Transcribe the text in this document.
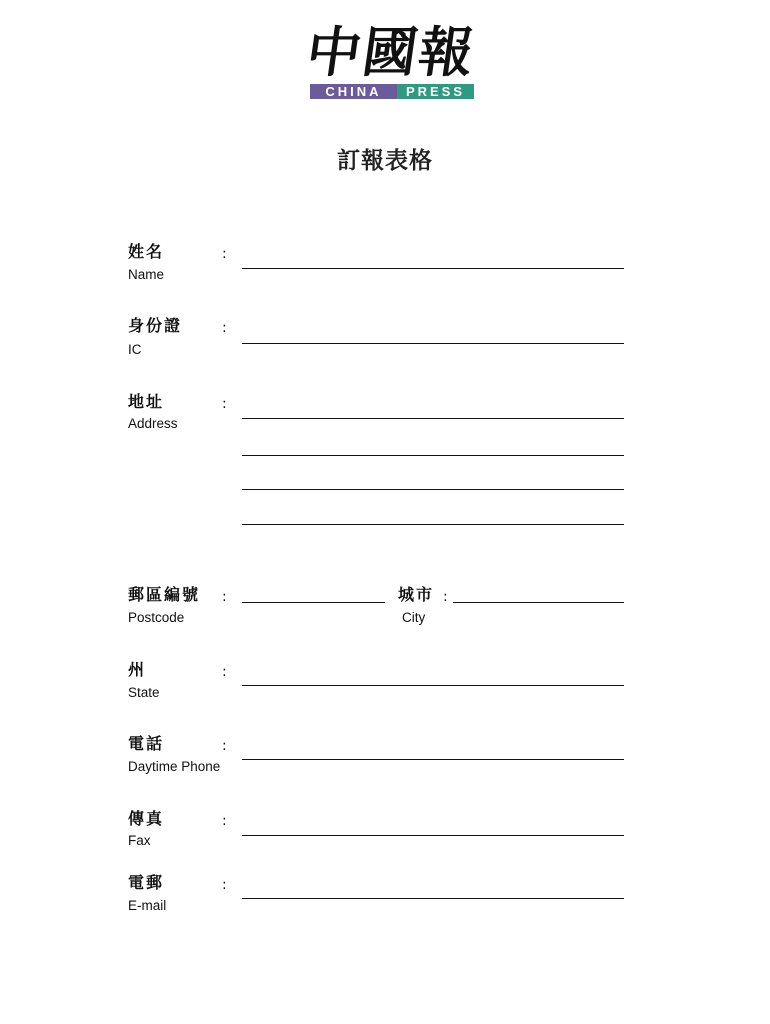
中國報
CHINA	PRESS
訂報表格
姓名
Name
:
身份證
IC
:
地址
Address
:
郵區編號
Postcode
:	城市
City
:
州
State
:
電話
Daytime Phone
:
傳真
Fax
:
電郵
E-mail
:
